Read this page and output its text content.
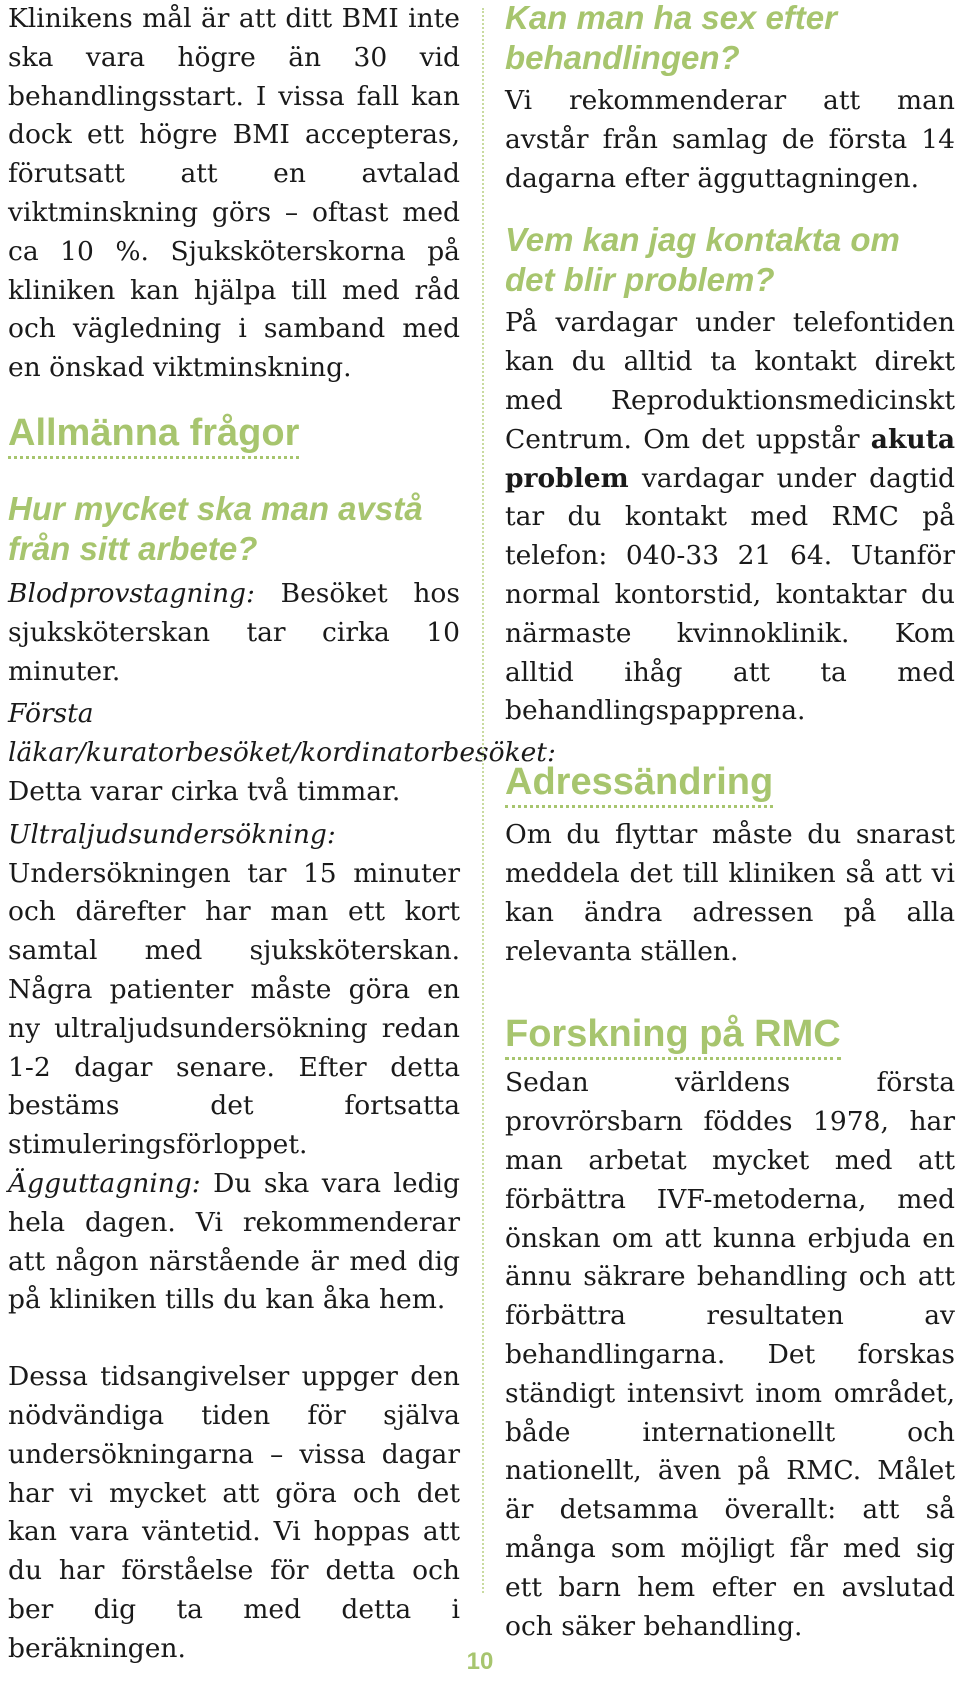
Klinikens mål är att ditt BMI inte ska vara högre än 30 vid behandlingsstart. I vissa fall kan dock ett högre BMI accepteras, förutsatt att en avtalad viktminskning görs – oftast med ca 10 %. Sjuksköterskorna på kliniken kan hjälpa till med råd och vägledning i samband med en önskad viktminskning.

Allmänna frågor
Hur mycket ska man avstå från sitt arbete?

Blodprovstagning: Besöket hos sjuksköterskan tar cirka 10 minuter.

Första läkar/kuratorbesöket/kordinatorbesöket: Detta varar cirka två timmar.

Ultraljudsundersökning: Undersökningen tar 15 minuter och därefter har man ett kort samtal med sjuksköterskan. Några patienter måste göra en ny ultraljudsundersökning redan 1-2 dagar senare. Efter detta bestäms det fortsatta stimuleringsförloppet.

Ägguttagning: Du ska vara ledig hela dagen. Vi rekommenderar att någon närstående är med dig på kliniken tills du kan åka hem.

Dessa tidsangivelser uppger den nödvändiga tiden för själva undersökningarna – vissa dagar har vi mycket att göra och det kan vara väntetid. Vi hoppas att du har förståelse för detta och ber dig ta med detta i beräkningen.

Kan man ha sex efter behandlingen?

Vi rekommenderar att man avstår från samlag de första 14 dagarna efter ägguttagningen.

Vem kan jag kontakta om det blir problem?

På vardagar under telefontiden kan du alltid ta kontakt direkt med Reproduktionsmedicinskt Centrum. Om det uppstår akuta problem vardagar under dagtid tar du kontakt med RMC på telefon: 040-33 21 64. Utanför normal kontorstid, kontaktar du närmaste kvinnoklinik. Kom alltid ihåg att ta med behandlingspapprena.

Adressändring

Om du flyttar måste du snarast meddela det till kliniken så att vi kan ändra adressen på alla relevanta ställen.

Forskning på RMC

Sedan världens första provrörsbarn föddes 1978, har man arbetat mycket med att förbättra IVF-metoderna, med önskan om att kunna erbjuda en ännu säkrare behandling och att förbättra resultaten av behandlingarna. Det forskas ständigt intensivt inom området, både internationellt och nationellt, även på RMC. Målet är detsamma överallt: att så många som möjligt får med sig ett barn hem efter en avslutad och säker behandling.

10
